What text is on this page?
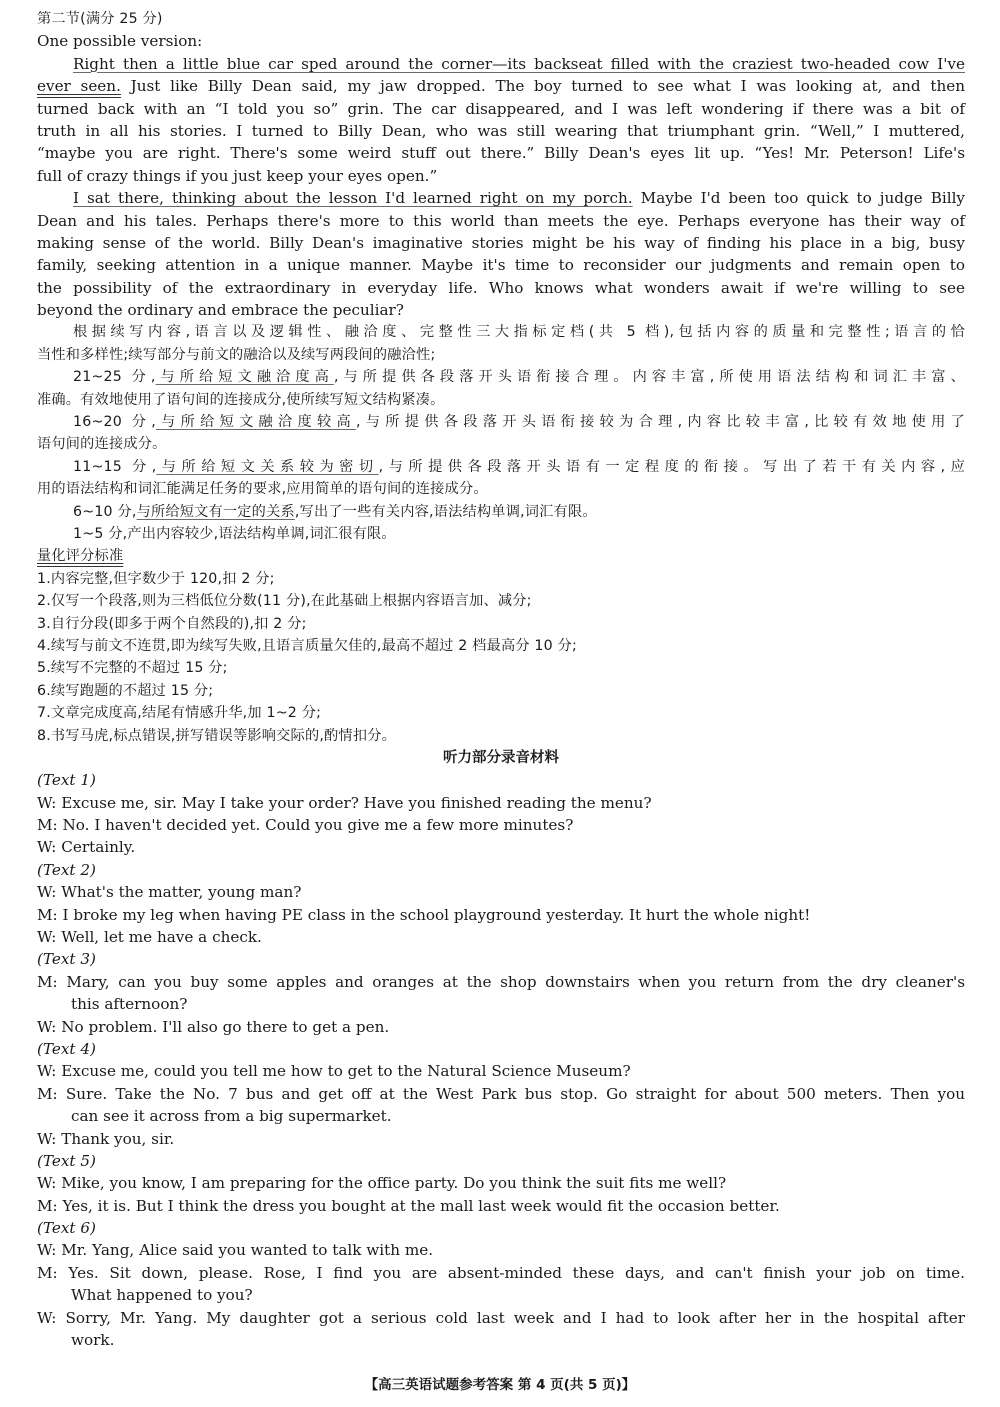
第二节(满分 25 分)
One possible version:
Right then a little blue car sped around the corner—its backseat filled with the craziest two-headed cow I've
ever seen. Just like Billy Dean said, my jaw dropped. The boy turned to see what I was looking at, and then
turned back with an “I told you so” grin. The car disappeared, and I was left wondering if there was a bit of
truth in all his stories. I turned to Billy Dean, who was still wearing that triumphant grin. “Well,” I muttered,
“maybe you are right. There's some weird stuff out there.” Billy Dean's eyes lit up. “Yes! Mr. Peterson! Life's
full of crazy things if you just keep your eyes open.”
I sat there, thinking about the lesson I'd learned right on my porch. Maybe I'd been too quick to judge Billy
Dean and his tales. Perhaps there's more to this world than meets the eye. Perhaps everyone has their way of
making sense of the world. Billy Dean's imaginative stories might be his way of finding his place in a big, busy
family, seeking attention in a unique manner. Maybe it's time to reconsider our judgments and remain open to
the possibility of the extraordinary in everyday life. Who knows what wonders await if we're willing to see
beyond the ordinary and embrace the peculiar?
根据续写内容,语言以及逻辑性、融洽度、完整性三大指标定档(共 5 档),包括内容的质量和完整性;语言的恰
当性和多样性;续写部分与前文的融洽以及续写两段间的融洽性;
21~25 分,与所给短文融洽度高,与所提供各段落开头语衔接合理。内容丰富,所使用语法结构和词汇丰富、
准确。有效地使用了语句间的连接成分,使所续写短文结构紧凑。
16~20 分,与所给短文融洽度较高,与所提供各段落开头语衔接较为合理,内容比较丰富,比较有效地使用了
语句间的连接成分。
11~15 分,与所给短文关系较为密切,与所提供各段落开头语有一定程度的衔接。写出了若干有关内容,应
用的语法结构和词汇能满足任务的要求,应用简单的语句间的连接成分。
6~10 分,与所给短文有一定的关系,写出了一些有关内容,语法结构单调,词汇有限。
1~5 分,产出内容较少,语法结构单调,词汇很有限。
量化评分标准
1.内容完整,但字数少于 120,扣 2 分;
2.仅写一个段落,则为三档低位分数(11 分),在此基础上根据内容语言加、减分;
3.自行分段(即多于两个自然段的),扣 2 分;
4.续写与前文不连贯,即为续写失败,且语言质量欠佳的,最高不超过 2 档最高分 10 分;
5.续写不完整的不超过 15 分;
6.续写跑题的不超过 15 分;
7.文章完成度高,结尾有情感升华,加 1~2 分;
8.书写马虎,标点错误,拼写错误等影响交际的,酌情扣分。
听力部分录音材料
(Text 1)
W: Excuse me, sir. May I take your order? Have you finished reading the menu?
M: No. I haven't decided yet. Could you give me a few more minutes?
W: Certainly.
(Text 2)
W: What's the matter, young man?
M: I broke my leg when having PE class in the school playground yesterday. It hurt the whole night!
W: Well, let me have a check.
(Text 3)
M: Mary, can you buy some apples and oranges at the shop downstairs when you return from the dry cleaner's
this afternoon?
W: No problem. I'll also go there to get a pen.
(Text 4)
W: Excuse me, could you tell me how to get to the Natural Science Museum?
M: Sure. Take the No. 7 bus and get off at the West Park bus stop. Go straight for about 500 meters. Then you
can see it across from a big supermarket.
W: Thank you, sir.
(Text 5)
W: Mike, you know, I am preparing for the office party. Do you think the suit fits me well?
M: Yes, it is. But I think the dress you bought at the mall last week would fit the occasion better.
(Text 6)
W: Mr. Yang, Alice said you wanted to talk with me.
M: Yes. Sit down, please. Rose, I find you are absent-minded these days, and can't finish your job on time.
What happened to you?
W: Sorry, Mr. Yang. My daughter got a serious cold last week and I had to look after her in the hospital after
work.
【高三英语试题参考答案 第 4 页(共 5 页)】
